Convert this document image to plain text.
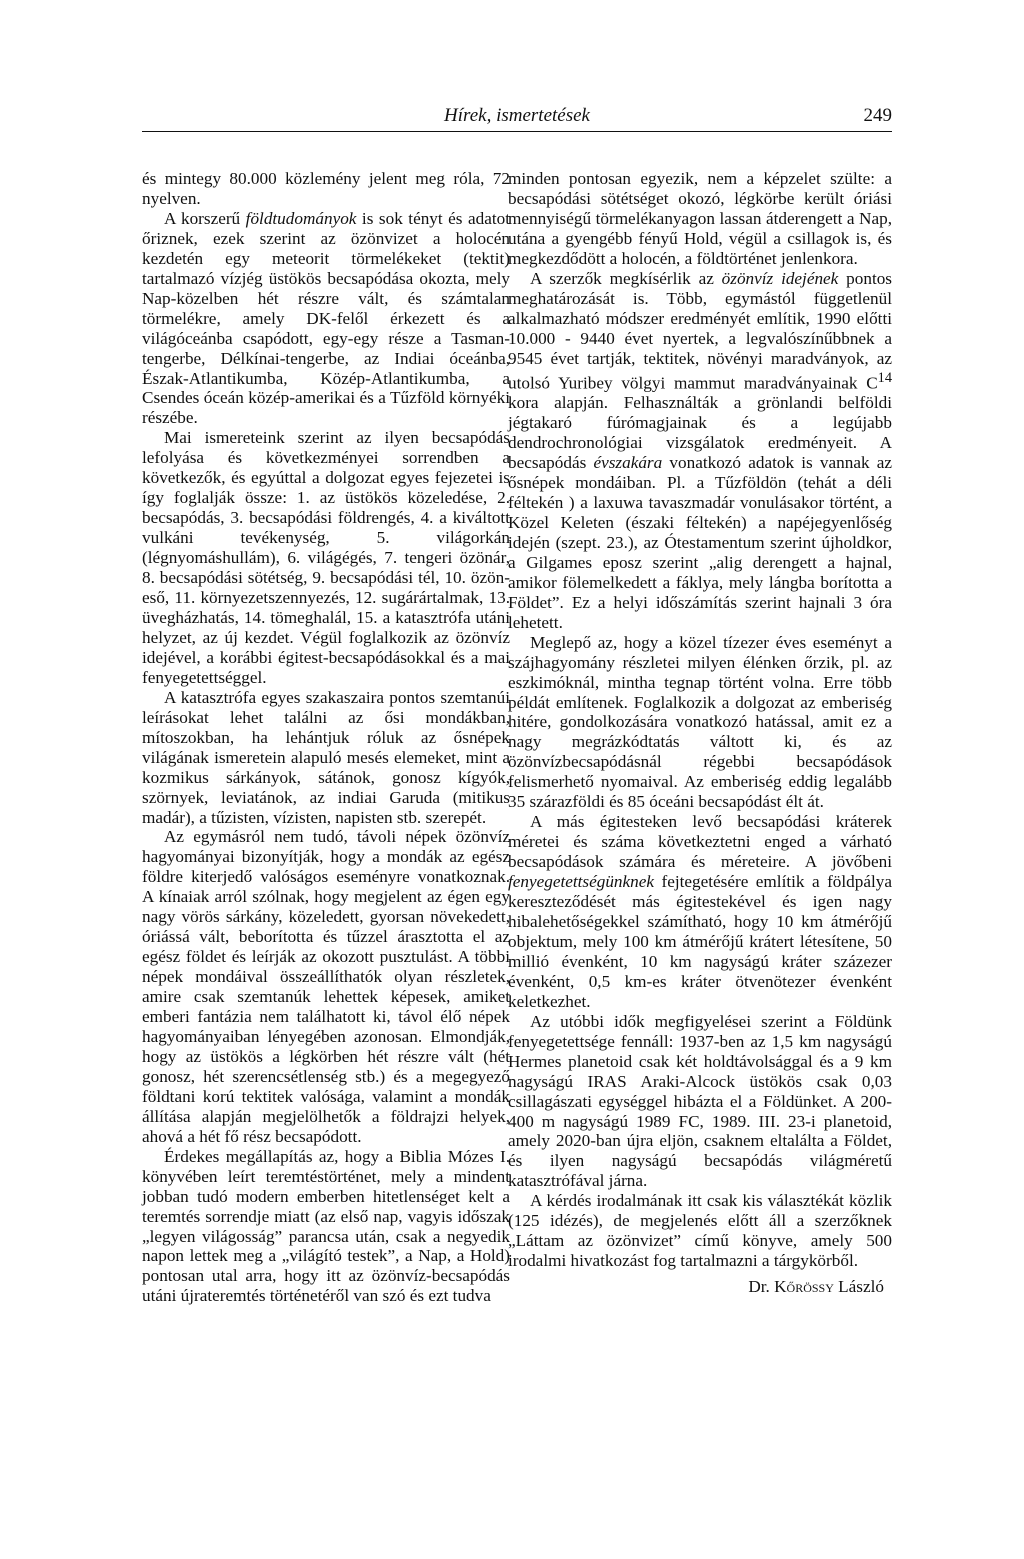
Hírek, ismertetések	249

és mintegy 80.000 közlemény jelent meg róla, 72 nyelven.

A korszerű földtudományok is sok tényt és adatot őriznek, ezek szerint az özönvizet a holocén kezdetén egy meteorit törmelékeket (tektit) tartalmazó vízjég üstökös becsapódása okozta, mely Nap-közelben hét részre vált, és számtalan törmelékre, amely DK-felől érkezett és a világóceánba csapódott, egy-egy része a Tasman-tengerbe, Délkínai-tengerbe, az Indiai óceánba, Észak-Atlantikumba, Közép-Atlantikumba, a Csendes óceán közép-amerikai és a Tűzföld környéki részébe.

Mai ismereteink szerint az ilyen becsapódás lefolyása és következményei sorrendben a következők, és egyúttal a dolgozat egyes fejezetei is így foglalják össze: 1. az üstökös közeledése, 2. becsapódás, 3. becsapódási földrengés, 4. a kiváltott vulkáni tevékenység, 5. világorkán (légnyomáshullám), 6. világégés, 7. tengeri özönár, 8. becsapódási sötétség, 9. becsapódási tél, 10. özön-eső, 11. környezetszennyezés, 12. sugárártalmak, 13. üvegházhatás, 14. tömeghalál, 15. a katasztrófa utáni helyzet, az új kezdet. Végül foglalkozik az özönvíz idejével, a korábbi égitest-becsapódásokkal és a mai fenyegetettséggel.

A katasztrófa egyes szakaszaira pontos szemtanúi leírásokat lehet találni az ősi mondákban, mítoszokban, ha lehántjuk róluk az ősnépek világának ismeretein alapuló mesés elemeket, mint a kozmikus sárkányok, sátánok, gonosz kígyók, szörnyek, leviatánok, az indiai Garuda (mitikus madár), a tűzisten, vízisten, napisten stb. szerepét.

Az egymásról nem tudó, távoli népek özönvíz hagyományai bizonyítják, hogy a mondák az egész földre kiterjedő valóságos eseményre vonatkoznak. A kínaiak arról szólnak, hogy megjelent az égen egy nagy vörös sárkány, közeledett, gyorsan növekedett, óriássá vált, beborította és tűzzel árasztotta el az egész földet és leírják az okozott pusztulást. A többi népek mondáival összeállíthatók olyan részletek, amire csak szemtanúk lehettek képesek, amiket emberi fantázia nem találhatott ki, távol élő népek hagyományaiban lényegében azonosan. Elmondják, hogy az üstökös a légkörben hét részre vált (hét gonosz, hét szerencsétlenség stb.) és a megegyező földtani korú tektitek valósága, valamint a mondák állítása alapján megjelölhetők a földrajzi helyek, ahová a hét fő rész becsapódott.

Érdekes megállapítás az, hogy a Biblia Mózes I. könyvében leírt teremtéstörténet, mely a mindent jobban tudó modern emberben hitetlenséget kelt a teremtés sorrendje miatt (az első nap, vagyis időszak „legyen világosság” parancsa után, csak a negyedik napon lettek meg a „világító testek”, a Nap, a Hold) pontosan utal arra, hogy itt az özönvíz-becsapódás utáni újrateremtés történetéről van szó és ezt tudva

minden pontosan egyezik, nem a képzelet szülte: a becsapódási sötétséget okozó, légkörbe került óriási mennyiségű törmelékanyagon lassan átderengett a Nap, utána a gyengébb fényű Hold, végül a csillagok is, és megkezdődött a holocén, a földtörténet jenlenkora.

A szerzők megkísérlik az özönvíz idejének pontos meghatározását is. Több, egymástól függetlenül alkalmazható módszer eredményét említik, 1990 előtti 10.000 - 9440 évet nyertek, a legvalószínűbbnek a 9545 évet tartják, tektitek, növényi maradványok, az utolsó Yuribey völgyi mammut maradványainak $C^{14}$ kora alapján. Felhasználták a grönlandi belföldi jégtakaró fúrómagjainak és a legújabb dendrochronológiai vizsgálatok eredményeit. A becsapódás évszakára vonatkozó adatok is vannak az ősnépek mondáiban. Pl. a Tűzföldön (tehát a déli féltekén ) a laxuwa tavaszmadár vonulásakor történt, a Közel Keleten (északi féltekén) a napéjegyenlőség idején (szept. 23.), az Ótestamentum szerint újholdkor, a Gilgames eposz szerint „alig derengett a hajnal, amikor fölemelkedett a fáklya, mely lángba borította a Földet”. Ez a helyi időszámítás szerint hajnali 3 óra lehetett.

Meglepő az, hogy a közel tízezer éves eseményt a szájhagyomány részletei milyen élénken őrzik, pl. az eszkimóknál, mintha tegnap történt volna. Erre több példát említenek. Foglalkozik a dolgozat az emberiség hitére, gondolkozására vonatkozó hatással, amit ez a nagy megrázkódtatás váltott ki, és az özönvízbecsapódásnál régebbi becsapódások felismerhető nyomaival. Az emberiség eddig legalább 35 szárazföldi és 85 óceáni becsapódást élt át.

A más égitesteken levő becsapódási kráterek méretei és száma következtetni enged a várható becsapódások számára és méreteire. A jövőbeni fenyegetettségünknek fejtegetésére említik a földpálya kereszteződését más égitestekével és igen nagy hibalehetőségekkel számítható, hogy 10 km átmérőjű objektum, mely 100 km átmérőjű krátert létesítene, 50 millió évenként, 10 km nagyságú kráter százezer évenként, 0,5 km-es kráter ötvenötezer évenként keletkezhet.

Az utóbbi idők megfigyelései szerint a Földünk fenyegetettsége fennáll: 1937-ben az 1,5 km nagyságú Hermes planetoid csak két holdtávolsággal és a 9 km nagyságú IRAS Araki-Alcock üstökös csak 0,03 csillagászati egységgel hibázta el a Földünket. A 200-400 m nagyságú 1989 FC, 1989. III. 23-i planetoid, amely 2020-ban újra eljön, csaknem eltalálta a Földet, és ilyen nagyságú becsapódás világméretű katasztrófával járna.

A kérdés irodalmának itt csak kis választékát közlik (125 idézés), de megjelenés előtt áll a szerzőknek „Láttam az özönvizet” című könyve, amely 500 irodalmi hivatkozást fog tartalmazni a tárgykörből.

Dr. Kőrössy László
